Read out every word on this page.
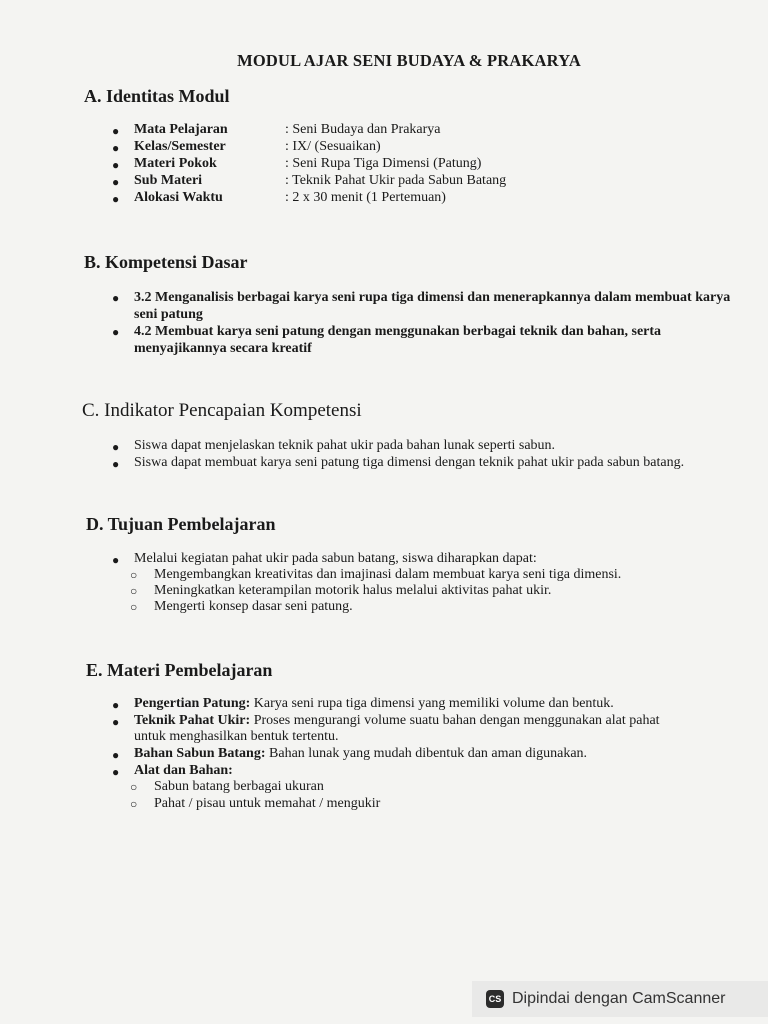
MODUL AJAR SENI BUDAYA & PRAKARYA
A. Identitas Modul
● Mata Pelajaran	: Seni Budaya dan Prakarya
● Kelas/Semester	: IX/ (Sesuaikan)
● Materi Pokok	: Seni Rupa Tiga Dimensi (Patung)
● Sub Materi	: Teknik Pahat Ukir pada Sabun Batang
● Alokasi Waktu	: 2 x 30 menit (1 Pertemuan)
B. Kompetensi Dasar
● 3.2 Menganalisis berbagai karya seni rupa tiga dimensi dan menerapkannya dalam membuat karya seni patung
● 4.2 Membuat karya seni patung dengan menggunakan berbagai teknik dan bahan, serta menyajikannya secara kreatif
C. Indikator Pencapaian Kompetensi
● Siswa dapat menjelaskan teknik pahat ukir pada bahan lunak seperti sabun.
● Siswa dapat membuat karya seni patung tiga dimensi dengan teknik pahat ukir pada sabun batang.
D. Tujuan Pembelajaran
● Melalui kegiatan pahat ukir pada sabun batang, siswa diharapkan dapat:
○ Mengembangkan kreativitas dan imajinasi dalam membuat karya seni tiga dimensi.
○ Meningkatkan keterampilan motorik halus melalui aktivitas pahat ukir.
○ Mengerti konsep dasar seni patung.
E. Materi Pembelajaran
● Pengertian Patung: Karya seni rupa tiga dimensi yang memiliki volume dan bentuk.
● Teknik Pahat Ukir: Proses mengurangi volume suatu bahan dengan menggunakan alat pahat
untuk menghasilkan bentuk tertentu.
● Bahan Sabun Batang: Bahan lunak yang mudah dibentuk dan aman digunakan.
● Alat dan Bahan:
○ Sabun batang berbagai ukuran
○ Pahat / pisau untuk memahat / mengukir
CS Dipindai dengan CamScanner
